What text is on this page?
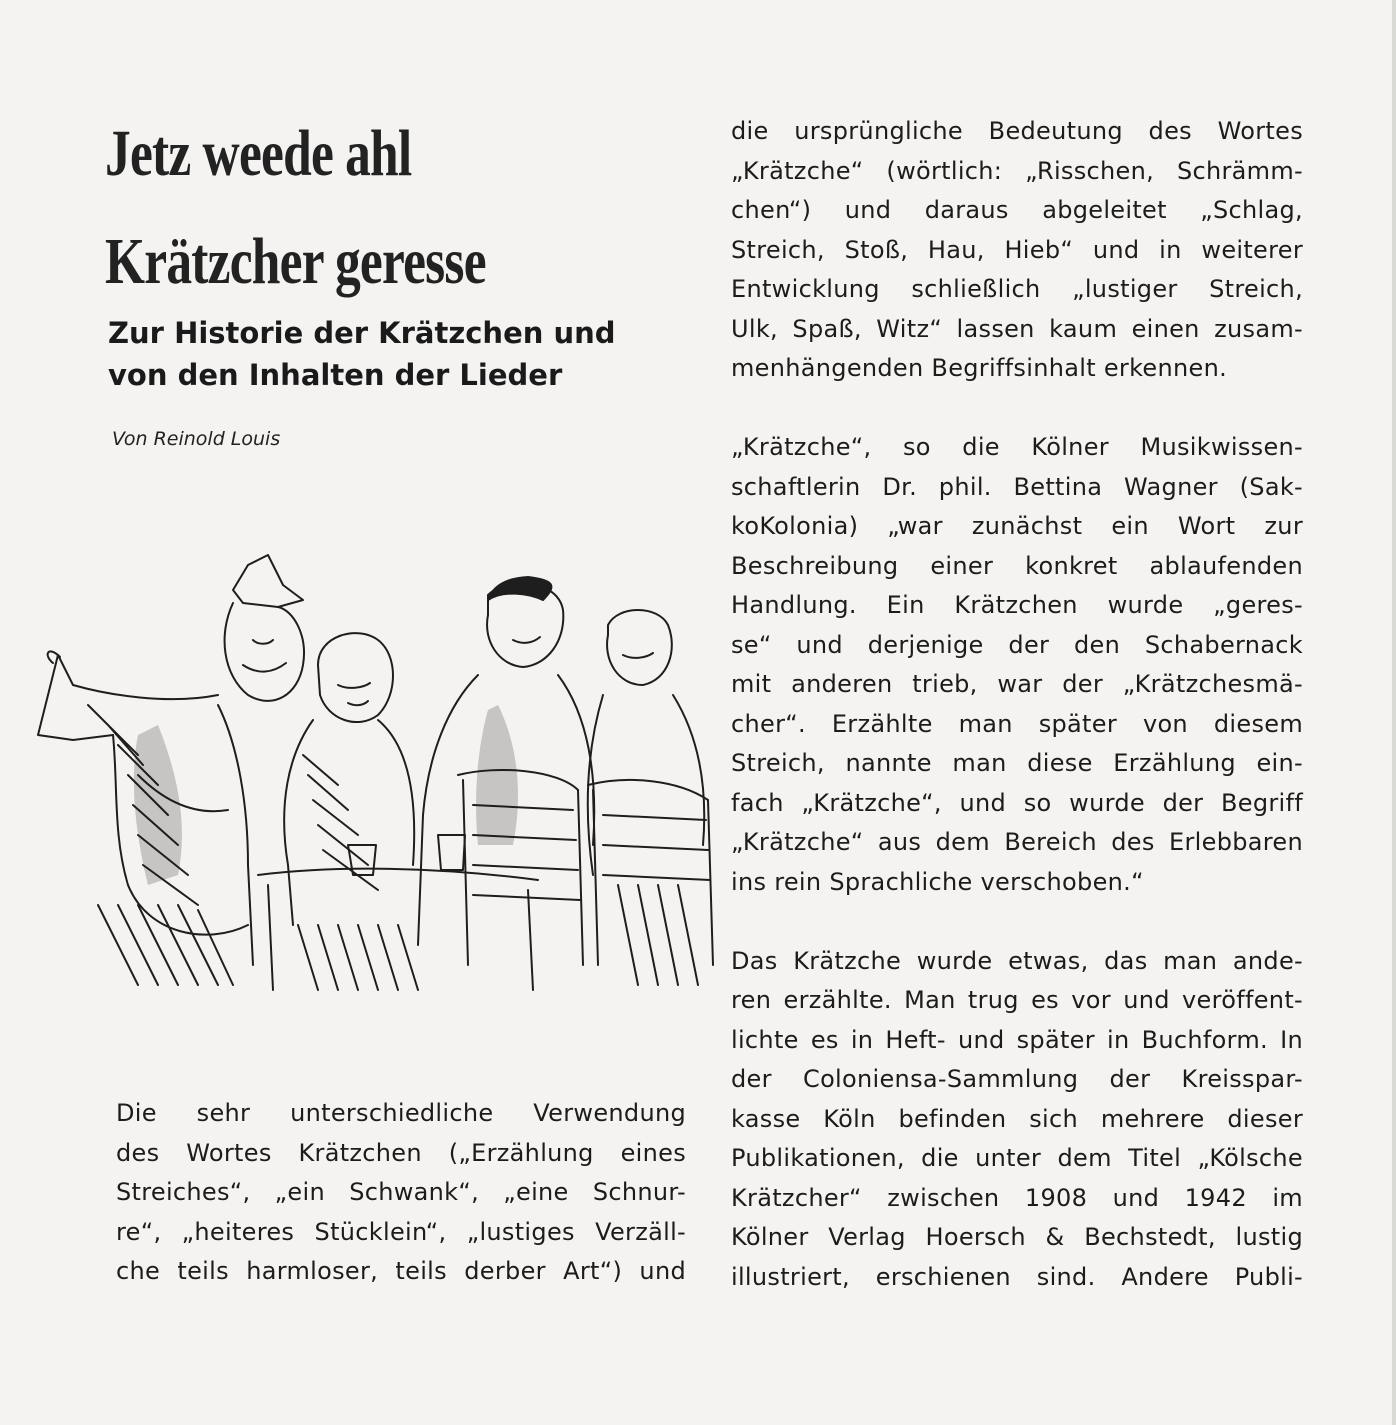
Jetz weede ahl
Krätzcher geresse
Zur Historie der Krätzchen und
von den Inhalten der Lieder
Von Reinold Louis

Die sehr unterschiedliche Verwendung
des Wortes Krätzchen („Erzählung eines
Streiches“, „ein Schwank“, „eine Schnur-
re“, „heiteres Stücklein“, „lustiges Verzäll-
che teils harmloser, teils derber Art“) und

die ursprüngliche Bedeutung des Wortes
„Krätzche“ (wörtlich: „Risschen, Schrämm-
chen“) und daraus abgeleitet „Schlag,
Streich, Stoß, Hau, Hieb“ und in weiterer
Entwicklung schließlich „lustiger Streich,
Ulk, Spaß, Witz“ lassen kaum einen zusam-
menhängenden Begriffsinhalt erkennen.

„Krätzche“, so die Kölner Musikwissen-
schaftlerin Dr. phil. Bettina Wagner (Sak-
koKolonia) „war zunächst ein Wort zur
Beschreibung einer konkret ablaufenden
Handlung. Ein Krätzchen wurde „geres-
se“ und derjenige der den Schabernack
mit anderen trieb, war der „Krätzchesmä-
cher“. Erzählte man später von diesem
Streich, nannte man diese Erzählung ein-
fach „Krätzche“, und so wurde der Begriff
„Krätzche“ aus dem Bereich des Erlebbaren
ins rein Sprachliche verschoben.“

Das Krätzche wurde etwas, das man ande-
ren erzählte. Man trug es vor und veröffent-
lichte es in Heft- und später in Buchform. In
der Coloniensa-Sammlung der Kreisspar-
kasse Köln befinden sich mehrere dieser
Publikationen, die unter dem Titel „Kölsche
Krätzcher“ zwischen 1908 und 1942 im
Kölner Verlag Hoersch & Bechstedt, lustig
illustriert, erschienen sind. Andere Publi-
